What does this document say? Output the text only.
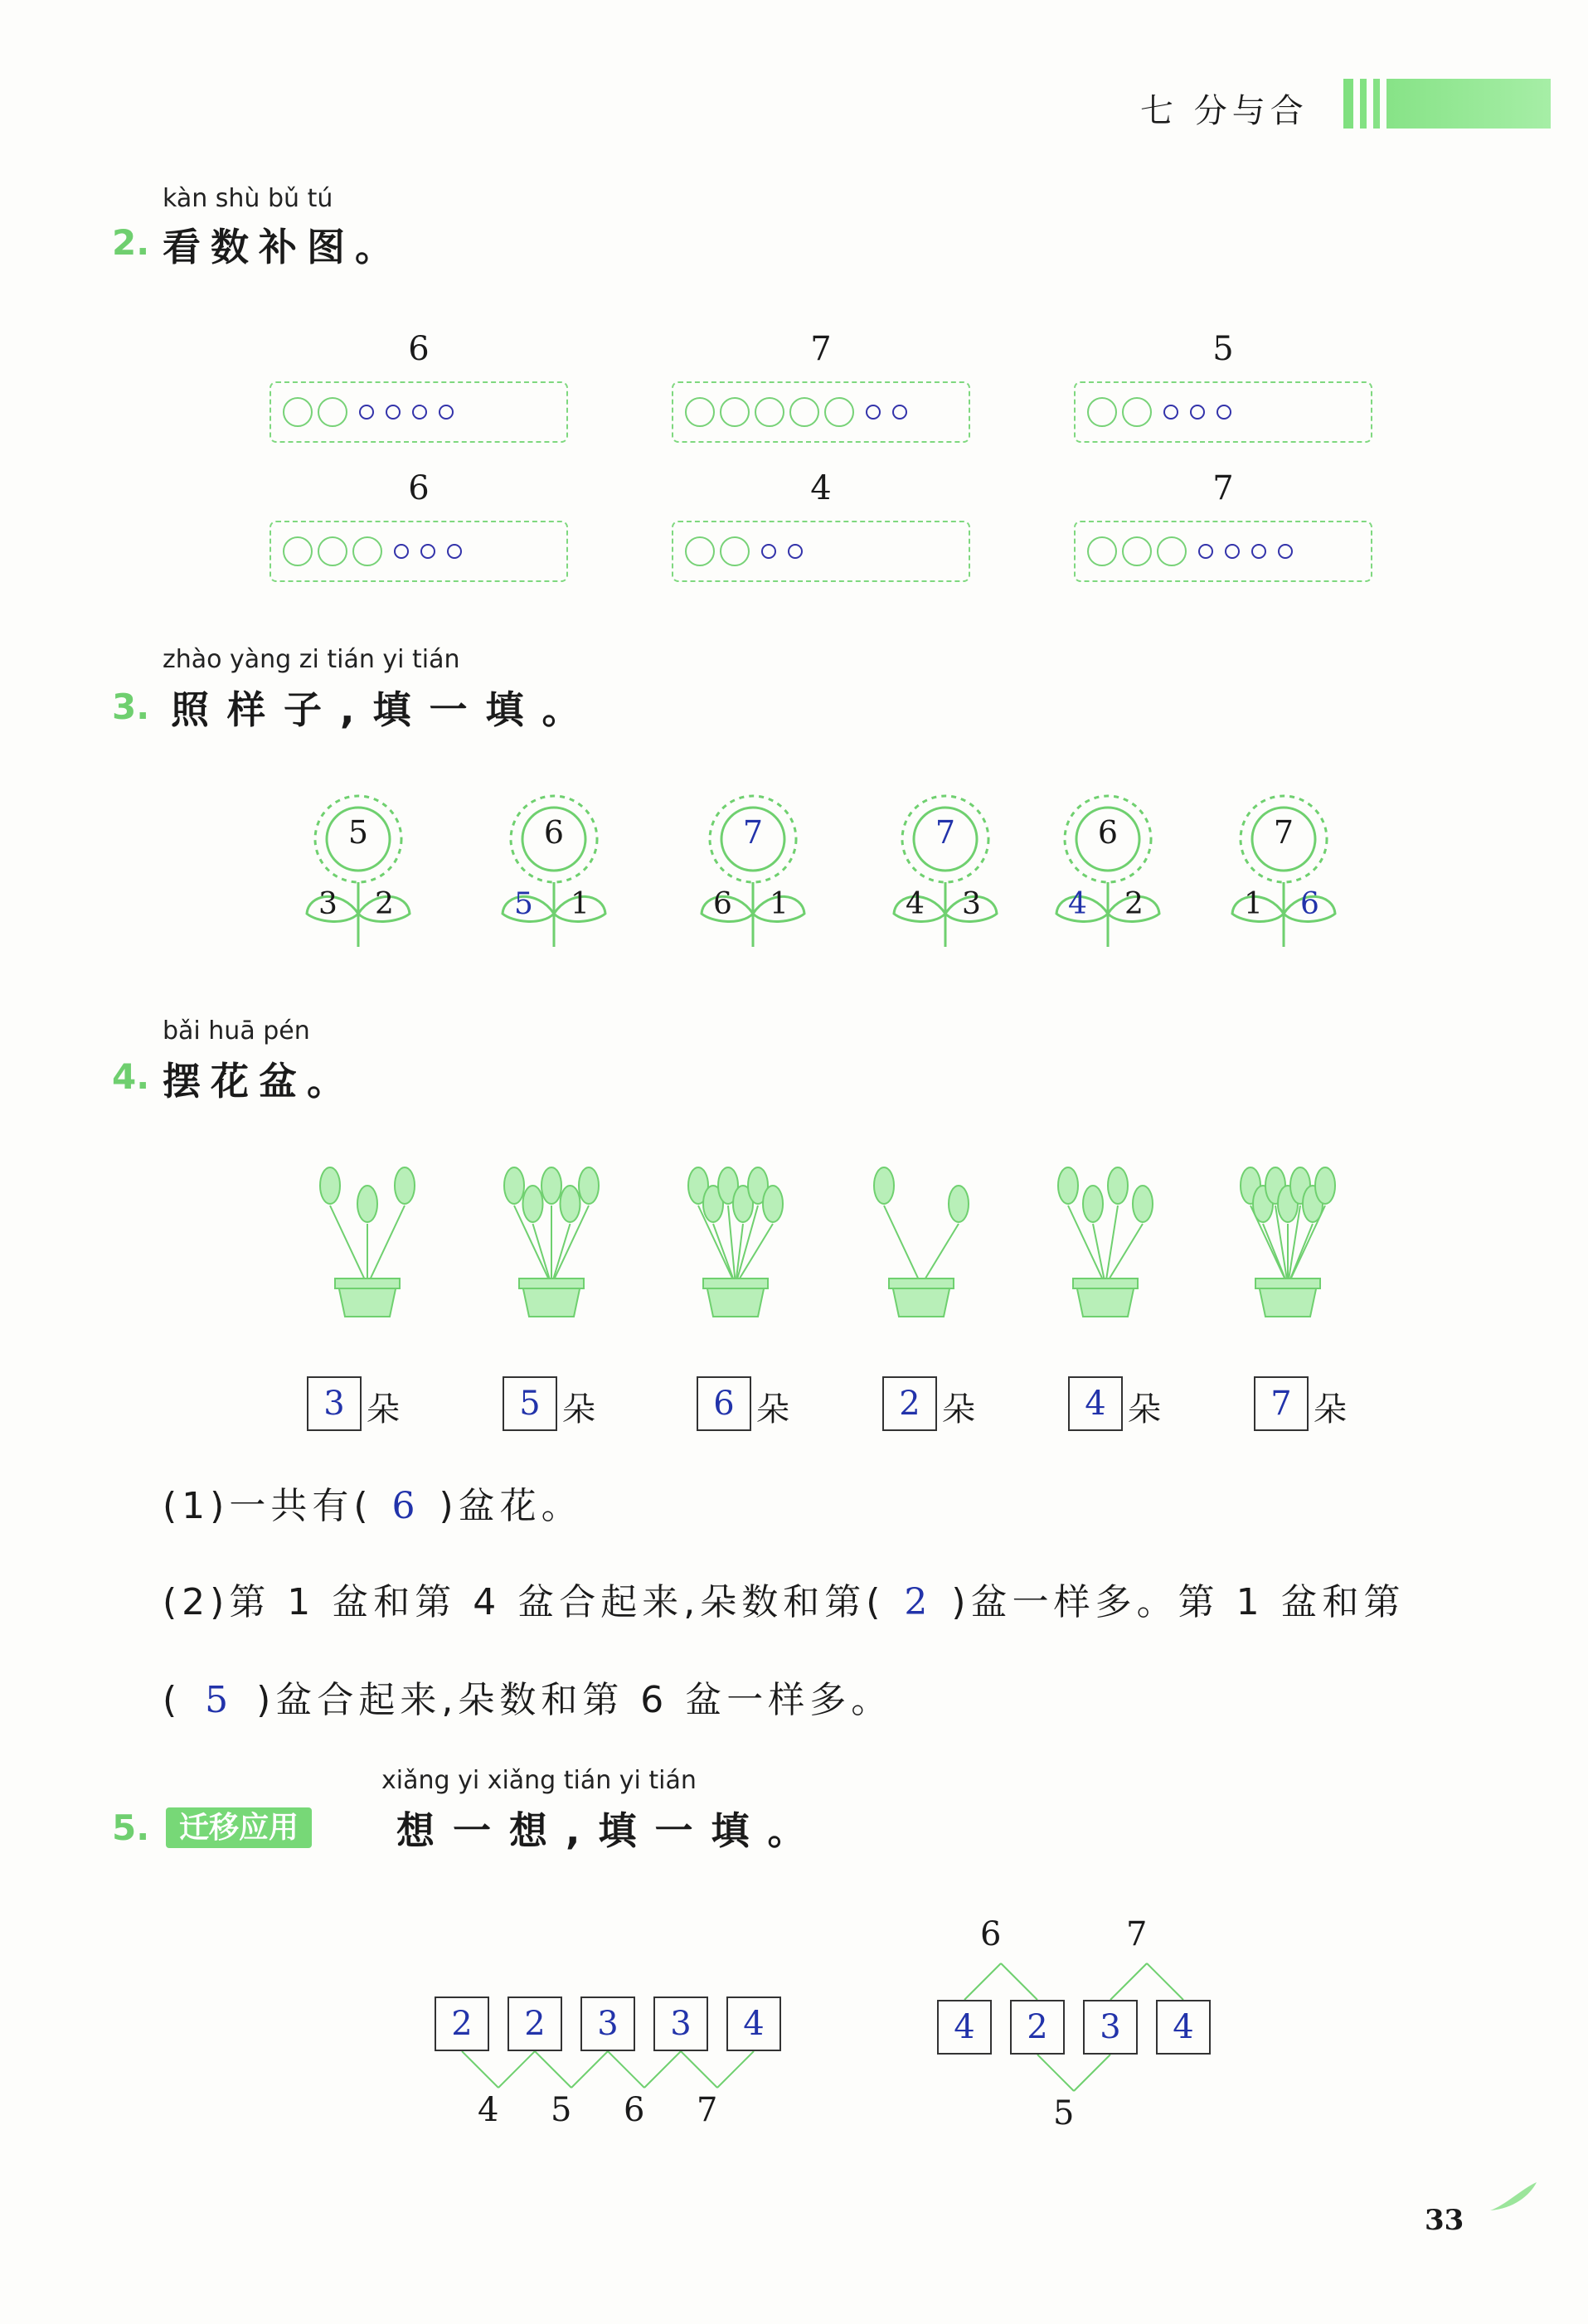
七 分与合
kàn shù bǔ tú
2. 看数补图。
6	7	5
6	4	7
zhào yàng zi tián yi tián
3. 照样子,填一填。
5
3 2
6
5 1
7
6 1
7
4 3
6
4 2
7
1 6
bǎi huā pén
4. 摆花盆。
3 朵	5 朵	6 朵	2 朵	4 朵	7 朵
(1)一共有( 6 )盆花。
(2)第 1 盆和第 4 盆合起来,朵数和第( 2 )盆一样多。第 1 盆和第
( 5 )盆合起来,朵数和第 6 盆一样多。
xiǎng yi xiǎng tián yi tián
5. 迁移应用	想一想,填一填。
2	2	3	3	4
4 5 6 7
4	2	3	4
6	7
5
33
